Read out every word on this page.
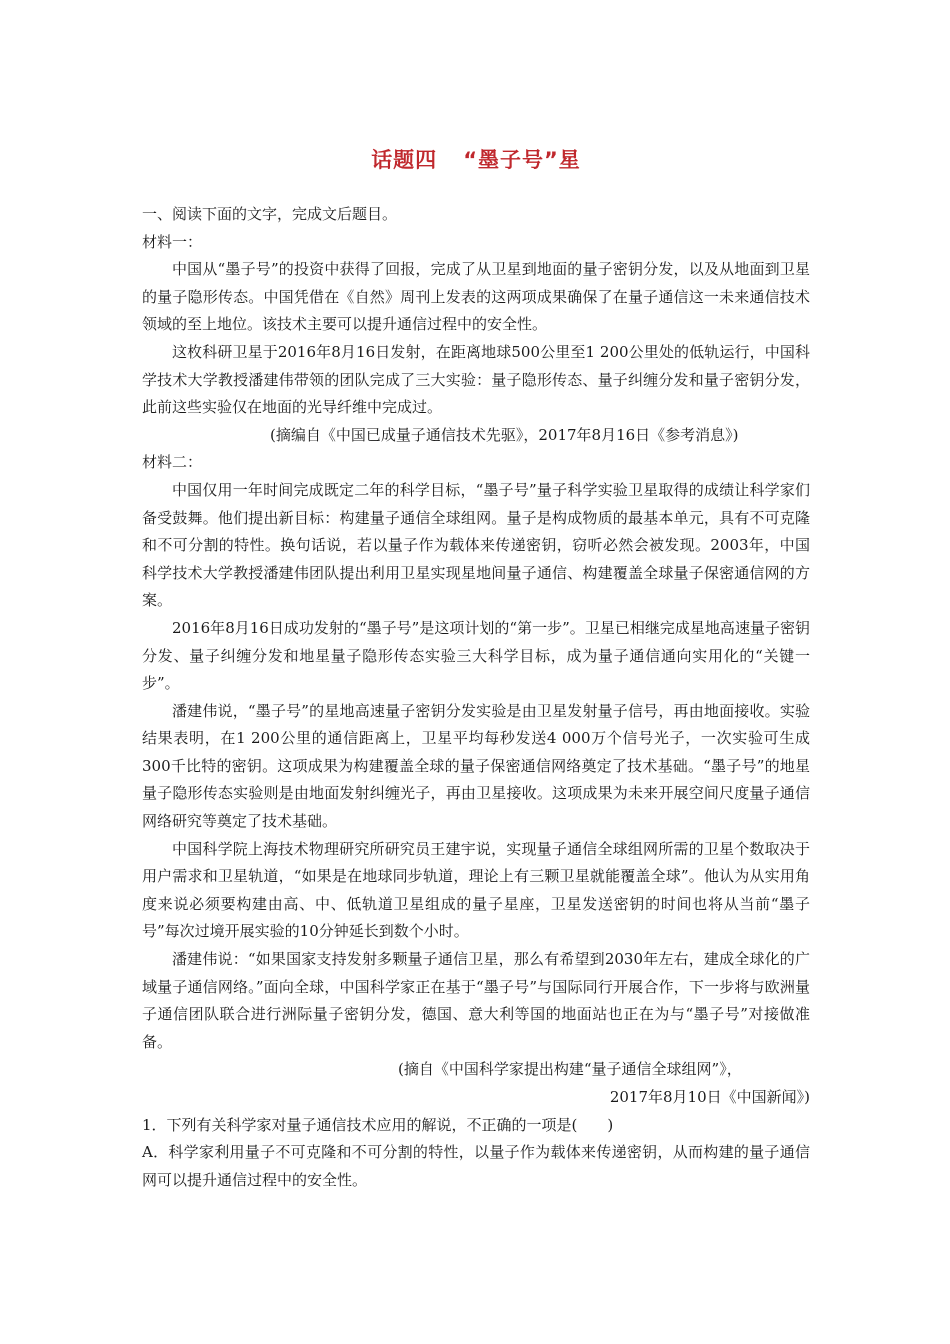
话题四 “墨子号”星

一、阅读下面的文字，完成文后题目。

材料一：

中国从“墨子号”的投资中获得了回报，完成了从卫星到地面的量子密钥分发，以及从地面到卫星的量子隐形传态。中国凭借在《自然》周刊上发表的这两项成果确保了在量子通信这一未来通信技术领域的至上地位。该技术主要可以提升通信过程中的安全性。

这枚科研卫星于2016年8月16日发射，在距离地球500公里至1 200公里处的低轨运行，中国科学技术大学教授潘建伟带领的团队完成了三大实验：量子隐形传态、量子纠缠分发和量子密钥分发，此前这些实验仅在地面的光导纤维中完成过。

(摘编自《中国已成量子通信技术先驱》，2017年8月16日《参考消息》)

材料二：

中国仅用一年时间完成既定二年的科学目标，“墨子号”量子科学实验卫星取得的成绩让科学家们备受鼓舞。他们提出新目标：构建量子通信全球组网。量子是构成物质的最基本单元，具有不可克隆和不可分割的特性。换句话说，若以量子作为载体来传递密钥，窃听必然会被发现。2003年，中国科学技术大学教授潘建伟团队提出利用卫星实现星地间量子通信、构建覆盖全球量子保密通信网的方案。

2016年8月16日成功发射的“墨子号”是这项计划的“第一步”。卫星已相继完成星地高速量子密钥分发、量子纠缠分发和地星量子隐形传态实验三大科学目标，成为量子通信通向实用化的“关键一步”。

潘建伟说，“墨子号”的星地高速量子密钥分发实验是由卫星发射量子信号，再由地面接收。实验结果表明，在1 200公里的通信距离上，卫星平均每秒发送4 000万个信号光子，一次实验可生成300千比特的密钥。这项成果为构建覆盖全球的量子保密通信网络奠定了技术基础。“墨子号”的地星量子隐形传态实验则是由地面发射纠缠光子，再由卫星接收。这项成果为未来开展空间尺度量子通信网络研究等奠定了技术基础。

中国科学院上海技术物理研究所研究员王建宇说，实现量子通信全球组网所需的卫星个数取决于用户需求和卫星轨道，“如果是在地球同步轨道，理论上有三颗卫星就能覆盖全球”。他认为从实用角度来说必须要构建由高、中、低轨道卫星组成的量子星座，卫星发送密钥的时间也将从当前“墨子号”每次过境开展实验的10分钟延长到数个小时。

潘建伟说：“如果国家支持发射多颗量子通信卫星，那么有希望到2030年左右，建成全球化的广域量子通信网络。”面向全球，中国科学家正在基于“墨子号”与国际同行开展合作，下一步将与欧洲量子通信团队联合进行洲际量子密钥分发，德国、意大利等国的地面站也正在为与“墨子号”对接做准备。

(摘自《中国科学家提出构建“量子通信全球组网”》，

2017年8月10日《中国新闻》)

1．下列有关科学家对量子通信技术应用的解说，不正确的一项是(　　)

A．科学家利用量子不可克隆和不可分割的特性，以量子作为载体来传递密钥，从而构建的量子通信网可以提升通信过程中的安全性。
